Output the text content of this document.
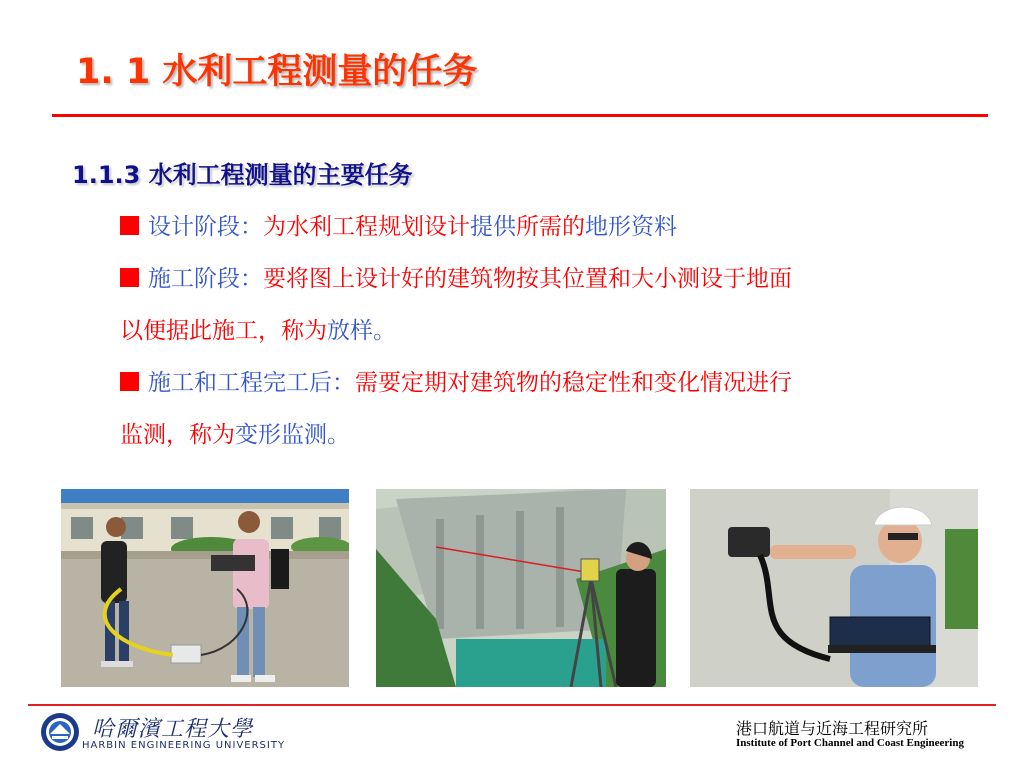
1. 1 水利工程测量的任务
1.1.3 水利工程测量的主要任务
设计阶段：为水利工程规划设计提供所需的地形资料
施工阶段：要将图上设计好的建筑物按其位置和大小测设于地面
以便据此施工，称为放样。
施工和工程完工后：需要定期对建筑物的稳定性和变化情况进行
监测，称为变形监测。
哈爾濱工程大學
HARBIN ENGINEERING UNIVERSITY
港口航道与近海工程研究所
Institute of Port Channel and Coast Engineering
